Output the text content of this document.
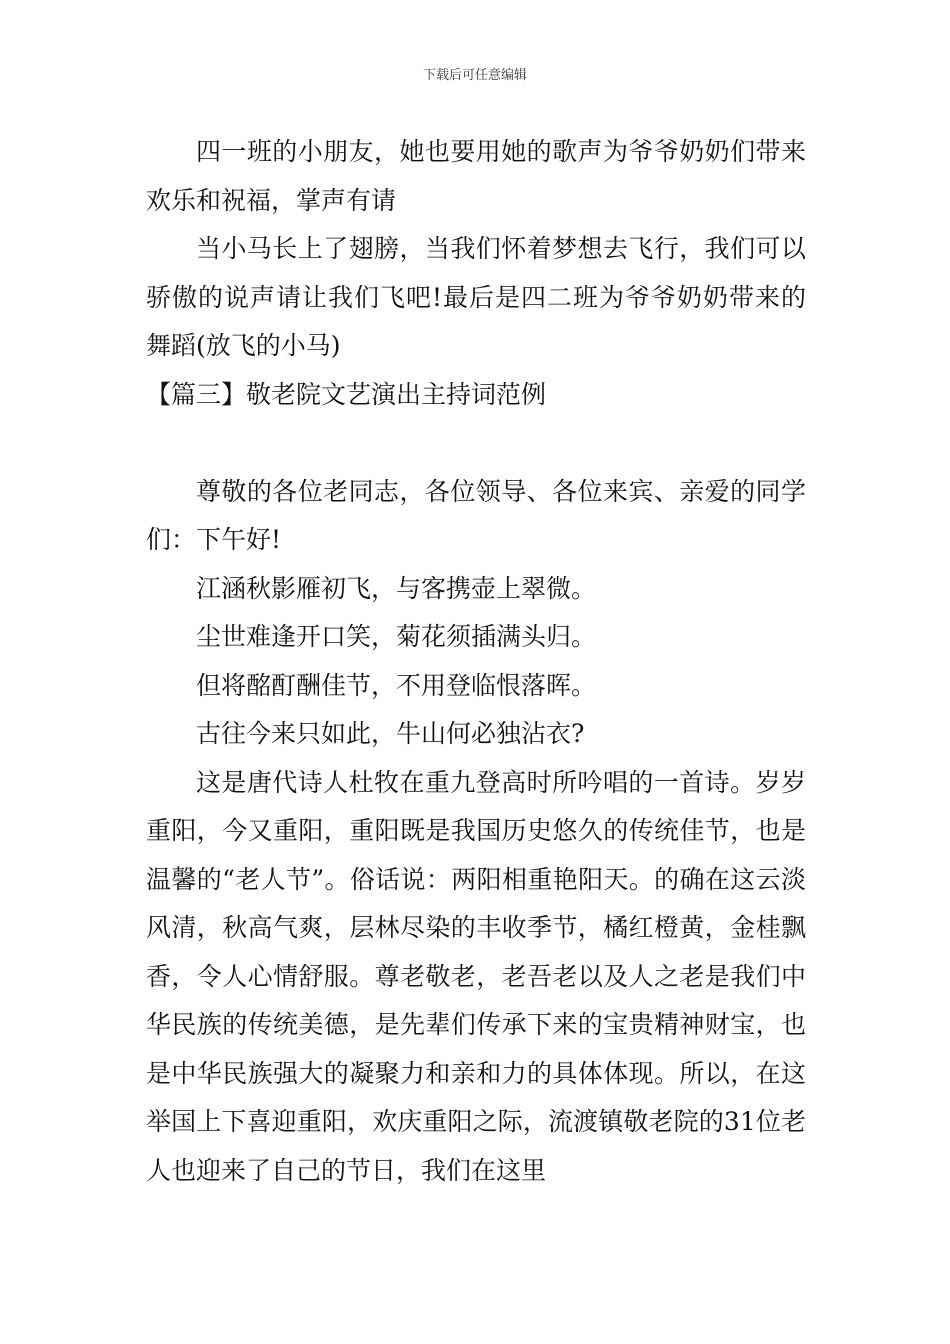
下载后可任意编辑

四一班的小朋友，她也要用她的歌声为爷爷奶奶们带来欢乐和祝福，掌声有请

当小马长上了翅膀，当我们怀着梦想去飞行，我们可以骄傲的说声请让我们飞吧!最后是四二班为爷爷奶奶带来的舞蹈(放飞的小马)

【篇三】敬老院文艺演出主持词范例

尊敬的各位老同志，各位领导、各位来宾、亲爱的同学们：下午好!

江涵秋影雁初飞，与客携壶上翠微。

尘世难逢开口笑，菊花须插满头归。

但将酩酊酬佳节，不用登临恨落晖。

古往今来只如此，牛山何必独沾衣?

这是唐代诗人杜牧在重九登高时所吟唱的一首诗。岁岁重阳，今又重阳，重阳既是我国历史悠久的传统佳节，也是温馨的“老人节”。俗话说：两阳相重艳阳天。的确在这云淡风清，秋高气爽，层林尽染的丰收季节，橘红橙黄，金桂飘香，令人心情舒服。尊老敬老，老吾老以及人之老是我们中华民族的传统美德，是先辈们传承下来的宝贵精神财宝，也是中华民族强大的凝聚力和亲和力的具体体现。所以，在这举国上下喜迎重阳，欢庆重阳之际，流渡镇敬老院的31位老人也迎来了自己的节日，我们在这里
